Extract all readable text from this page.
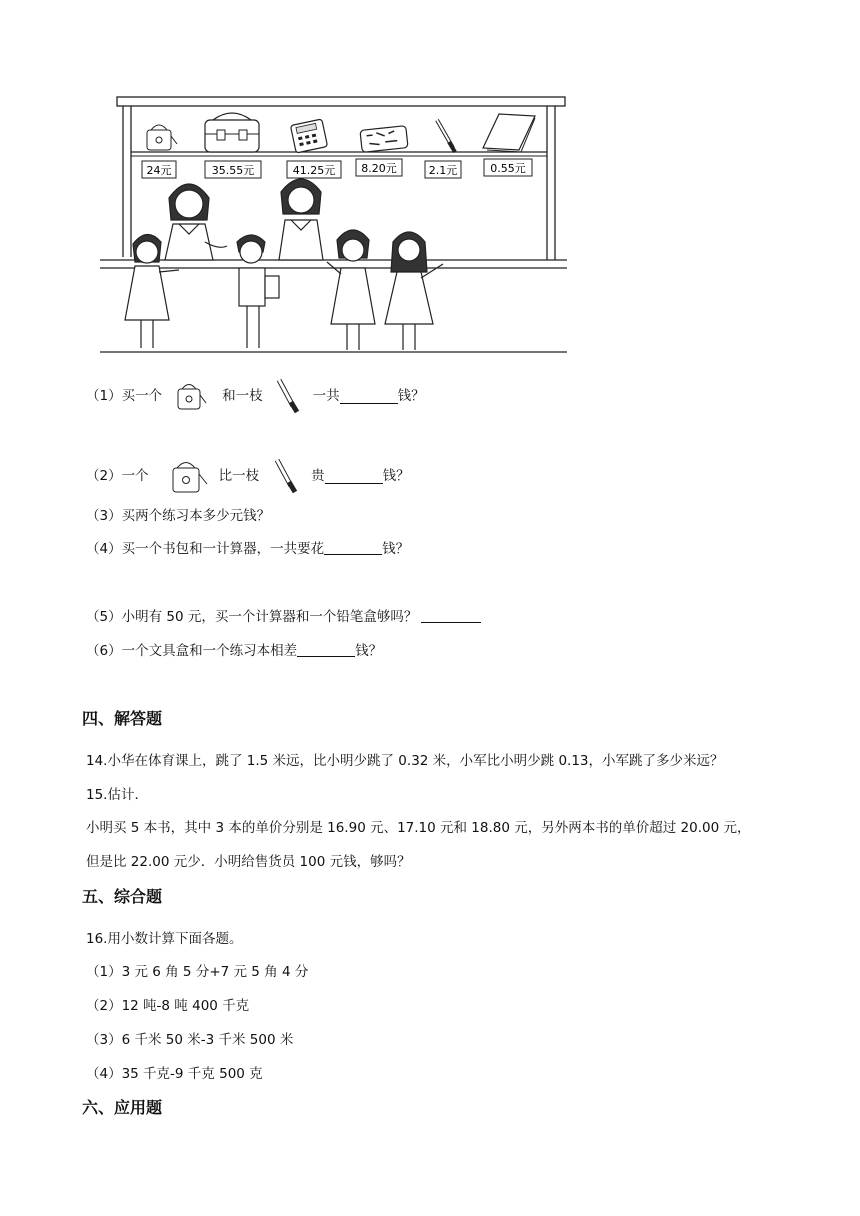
24元	35.55元	41.25元 8.20元	2.1元	0.55元
（1）买一个	和一枝	一共	钱？
（2）一个	比一枝	贵	钱？
（3）买两个练习本多少元钱？
（4）买一个书包和一计算器，一共要花	钱？
（5）小明有 50 元，买一个计算器和一个铅笔盒够吗？
（6）一个文具盒和一个练习本相差	钱？
四、解答题
14.小华在体育课上，跳了 1.5 米远，比小明少跳了 0.32 米，小军比小明少跳 0.13，小军跳了多少米远？
15.估计．
小明买 5 本书，其中 3 本的单价分别是 16.90 元、17.10 元和 18.80 元，另外两本书的单价超过 20.00 元，
但是比 22.00 元少．小明给售货员 100 元钱，够吗？
五、综合题
16.用小数计算下面各题。
（1）3 元 6 角 5 分+7 元 5 角 4 分
（2）12 吨-8 吨 400 千克
（3）6 千米 50 米-3 千米 500 米
（4）35 千克-9 千克 500 克
六、应用题
